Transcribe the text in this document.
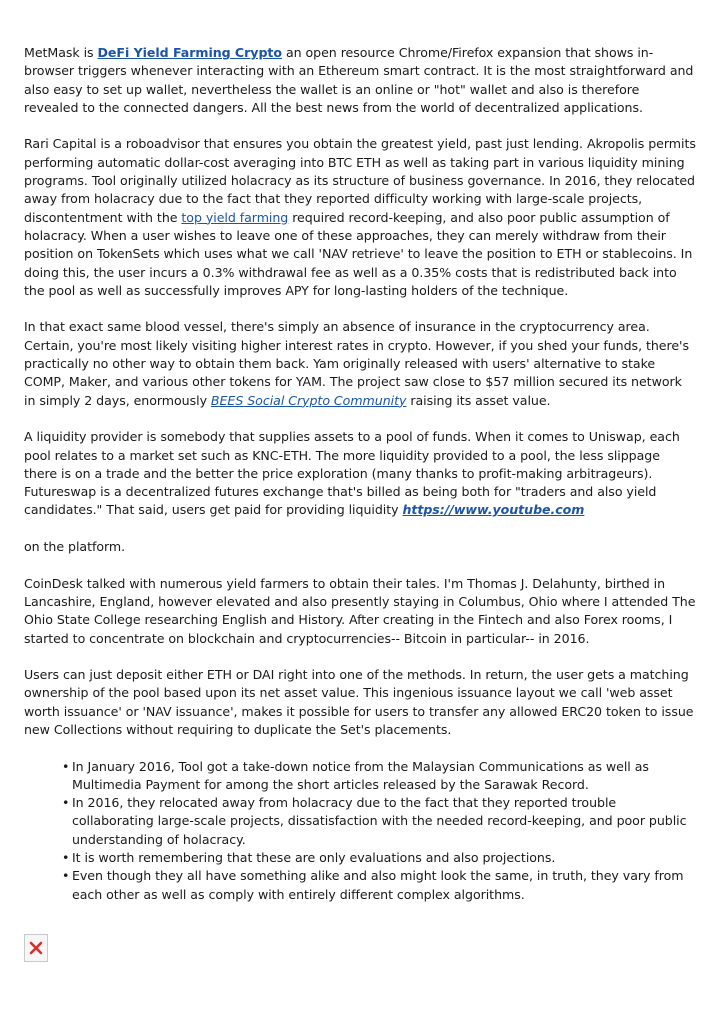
MetMask is DeFi Yield Farming Crypto an open resource Chrome/Firefox expansion that shows in-browser triggers whenever interacting with an Ethereum smart contract. It is the most straightforward and also easy to set up wallet, nevertheless the wallet is an online or "hot" wallet and also is therefore revealed to the connected dangers. All the best news from the world of decentralized applications.

Rari Capital is a roboadvisor that ensures you obtain the greatest yield, past just lending. Akropolis permits performing automatic dollar-cost averaging into BTC ETH as well as taking part in various liquidity mining programs. Tool originally utilized holacracy as its structure of business governance. In 2016, they relocated away from holacracy due to the fact that they reported difficulty working with large-scale projects, discontentment with the top yield farming required record-keeping, and also poor public assumption of holacracy. When a user wishes to leave one of these approaches, they can merely withdraw from their position on TokenSets which uses what we call 'NAV retrieve' to leave the position to ETH or stablecoins. In doing this, the user incurs a 0.3% withdrawal fee as well as a 0.35% costs that is redistributed back into the pool as well as successfully improves APY for long-lasting holders of the technique.

In that exact same blood vessel, there's simply an absence of insurance in the cryptocurrency area. Certain, you're most likely visiting higher interest rates in crypto. However, if you shed your funds, there's practically no other way to obtain them back. Yam originally released with users' alternative to stake COMP, Maker, and various other tokens for YAM. The project saw close to $57 million secured its network in simply 2 days, enormously BEES Social Crypto Community raising its asset value.

A liquidity provider is somebody that supplies assets to a pool of funds. When it comes to Uniswap, each pool relates to a market set such as KNC-ETH. The more liquidity provided to a pool, the less slippage there is on a trade and the better the price exploration (many thanks to profit-making arbitrageurs). Futureswap is a decentralized futures exchange that's billed as being both for "traders and also yield candidates." That said, users get paid for providing liquidity https://www.youtube.com

on the platform.

CoinDesk talked with numerous yield farmers to obtain their tales. I'm Thomas J. Delahunty, birthed in Lancashire, England, however elevated and also presently staying in Columbus, Ohio where I attended The Ohio State College researching English and History. After creating in the Fintech and also Forex rooms, I started to concentrate on blockchain and cryptocurrencies-- Bitcoin in particular-- in 2016.

Users can just deposit either ETH or DAI right into one of the methods. In return, the user gets a matching ownership of the pool based upon its net asset value. This ingenious issuance layout we call 'web asset worth issuance' or 'NAV issuance', makes it possible for users to transfer any allowed ERC20 token to issue new Collections without requiring to duplicate the Set's placements.

• In January 2016, Tool got a take-down notice from the Malaysian Communications as well as Multimedia Payment for among the short articles released by the Sarawak Record.
• In 2016, they relocated away from holacracy due to the fact that they reported trouble collaborating large-scale projects, dissatisfaction with the needed record-keeping, and poor public understanding of holacracy.
• It is worth remembering that these are only evaluations and also projections.
• Even though they all have something alike and also might look the same, in truth, they vary from each other as well as comply with entirely different complex algorithms.
